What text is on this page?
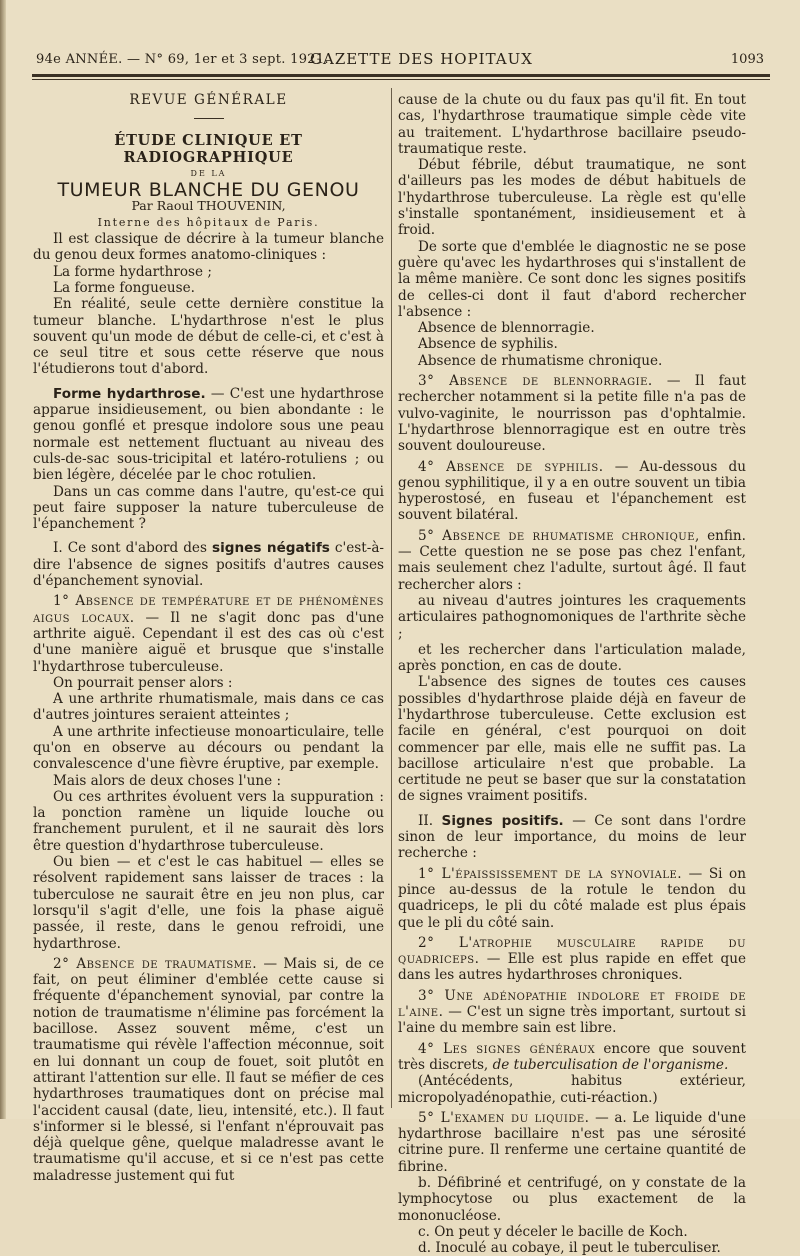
94e ANNÉE. — N° 69, 1er et 3 sept. 1921.
GAZETTE DES HOPITAUX	1093

REVUE GÉNÉRALE

ÉTUDE CLINIQUE ET RADIOGRAPHIQUE

DE LA

TUMEUR BLANCHE DU GENOU

Par Raoul THOUVENIN,

Interne des hôpitaux de Paris.

Il est classique de décrire à la tumeur blanche du genou deux formes anatomo-cliniques :

La forme hydarthrose ;

La forme fongueuse.

En réalité, seule cette dernière constitue la tumeur blanche. L'hydarthrose n'est le plus souvent qu'un mode de début de celle-ci, et c'est à ce seul titre et sous cette réserve que nous l'étudierons tout d'abord.

Forme hydarthrose. — C'est une hydarthrose apparue insidieusement, ou bien abondante : le genou gonflé et presque indolore sous une peau normale est nettement fluctuant au niveau des culs-de-sac sous-tricipital et latéro-rotuliens ; ou bien légère, décelée par le choc rotulien.

Dans un cas comme dans l'autre, qu'est-ce qui peut faire supposer la nature tuberculeuse de l'épanchement ?

I. Ce sont d'abord des signes négatifs c'est-à-dire l'absence de signes positifs d'autres causes d'épanchement synovial.

1° Absence de température et de phénomènes aigus locaux. — Il ne s'agit donc pas d'une arthrite aiguë. Cependant il est des cas où c'est d'une manière aiguë et brusque que s'installe l'hydarthrose tuberculeuse.

On pourrait penser alors :

A une arthrite rhumatismale, mais dans ce cas d'autres jointures seraient atteintes ;

A une arthrite infectieuse monoarticulaire, telle qu'on en observe au décours ou pendant la convalescence d'une fièvre éruptive, par exemple.

Mais alors de deux choses l'une :

Ou ces arthrites évoluent vers la suppuration : la ponction ramène un liquide louche ou franchement purulent, et il ne saurait dès lors être question d'hydarthrose tuberculeuse.

Ou bien — et c'est le cas habituel — elles se résolvent rapidement sans laisser de traces : la tuberculose ne saurait être en jeu non plus, car lorsqu'il s'agit d'elle, une fois la phase aiguë passée, il reste, dans le genou refroidi, une hydarthrose.

2° Absence de traumatisme. — Mais si, de ce fait, on peut éliminer d'emblée cette cause si fréquente d'épanchement synovial, par contre la notion de traumatisme n'élimine pas forcément la bacillose. Assez souvent même, c'est un traumatisme qui révèle l'affection méconnue, soit en lui donnant un coup de fouet, soit plutôt en attirant l'attention sur elle. Il faut se méfier de ces hydarthroses traumatiques dont on précise mal l'accident causal (date, lieu, intensité, etc.). Il faut s'informer si le blessé, si l'enfant n'éprouvait pas déjà quelque gêne, quelque maladresse avant le traumatisme qu'il accuse, et si ce n'est pas cette maladresse justement qui fut

cause de la chute ou du faux pas qu'il fit. En tout cas, l'hydarthrose traumatique simple cède vite au traitement. L'hydarthrose bacillaire pseudo-traumatique reste.

Début fébrile, début traumatique, ne sont d'ailleurs pas les modes de début habituels de l'hydarthrose tuberculeuse. La règle est qu'elle s'installe spontanément, insidieusement et à froid.

De sorte que d'emblée le diagnostic ne se pose guère qu'avec les hydarthroses qui s'installent de la même manière. Ce sont donc les signes positifs de celles-ci dont il faut d'abord rechercher l'absence :

Absence de blennorragie.

Absence de syphilis.

Absence de rhumatisme chronique.

3° Absence de blennorragie. — Il faut rechercher notamment si la petite fille n'a pas de vulvo-vaginite, le nourrisson pas d'ophtalmie. L'hydarthrose blennorragique est en outre très souvent douloureuse.

4° Absence de syphilis. — Au-dessous du genou syphilitique, il y a en outre souvent un tibia hyperostosé, en fuseau et l'épanchement est souvent bilatéral.

5° Absence de rhumatisme chronique, enfin. — Cette question ne se pose pas chez l'enfant, mais seulement chez l'adulte, surtout âgé. Il faut rechercher alors :

au niveau d'autres jointures les craquements articulaires pathognomoniques de l'arthrite sèche ;

et les rechercher dans l'articulation malade, après ponction, en cas de doute.

L'absence des signes de toutes ces causes possibles d'hydarthrose plaide déjà en faveur de l'hydarthrose tuberculeuse. Cette exclusion est facile en général, c'est pourquoi on doit commencer par elle, mais elle ne suffit pas. La bacillose articulaire n'est que probable. La certitude ne peut se baser que sur la constatation de signes vraiment positifs.

II. Signes positifs. — Ce sont dans l'ordre sinon de leur importance, du moins de leur recherche :

1° L'épaississement de la synoviale. — Si on pince au-dessus de la rotule le tendon du quadriceps, le pli du côté malade est plus épais que le pli du côté sain.

2° L'atrophie musculaire rapide du quadriceps. — Elle est plus rapide en effet que dans les autres hydarthroses chroniques.

3° Une adénopathie indolore et froide de l'aine. — C'est un signe très important, surtout si l'aine du membre sain est libre.

4° Les signes généraux encore que souvent très discrets, de tuberculisation de l'organisme.

(Antécédents, habitus extérieur, micropolyadénopathie, cuti-réaction.)

5° L'examen du liquide. — a. Le liquide d'une hydarthrose bacillaire n'est pas une sérosité citrine pure. Il renferme une certaine quantité de fibrine.

b. Défibriné et centrifugé, on y constate de la lymphocytose ou plus exactement de la mononucléose.

c. On peut y déceler le bacille de Koch.

d. Inoculé au cobaye, il peut le tuberculiser.
